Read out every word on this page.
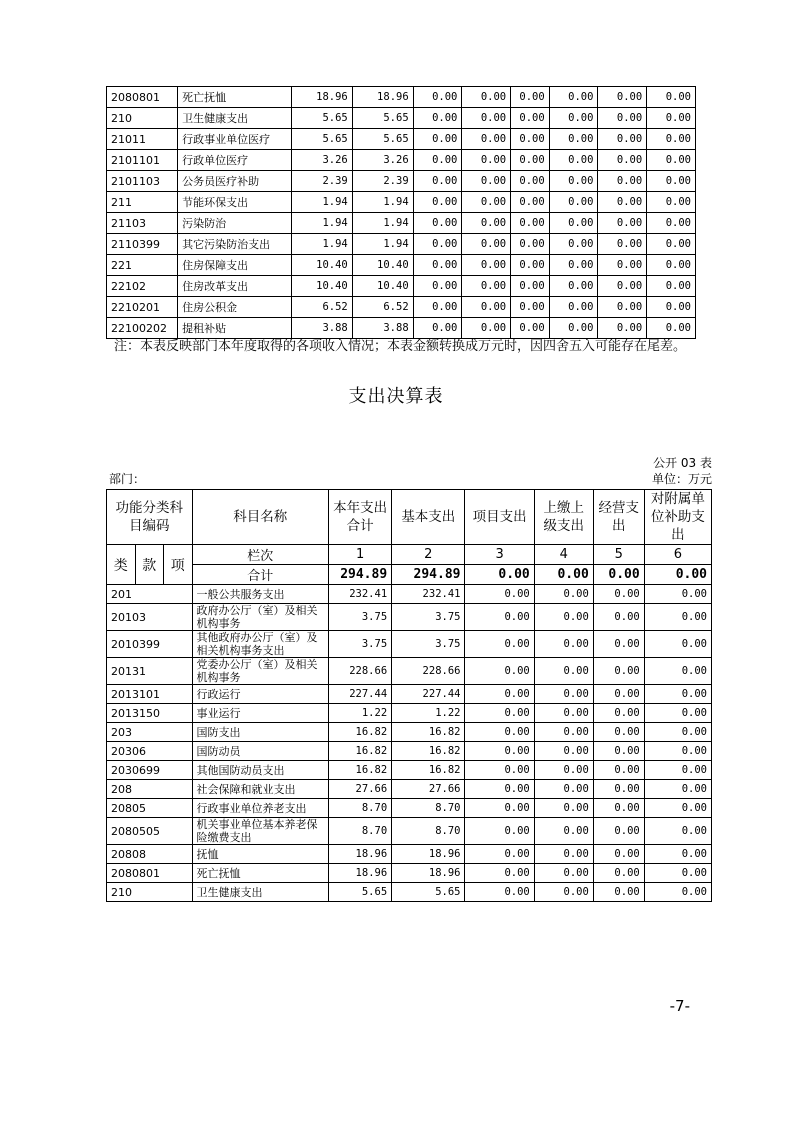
2080801	死亡抚恤	18.96	18.96	0.00	0.00	0.00	0.00	0.00	0.00
210	卫生健康支出	5.65	5.65	0.00	0.00	0.00	0.00	0.00	0.00
21011	行政事业单位医疗	5.65	5.65	0.00	0.00	0.00	0.00	0.00	0.00
2101101	行政单位医疗	3.26	3.26	0.00	0.00	0.00	0.00	0.00	0.00
2101103	公务员医疗补助	2.39	2.39	0.00	0.00	0.00	0.00	0.00	0.00
211	节能环保支出	1.94	1.94	0.00	0.00	0.00	0.00	0.00	0.00
21103	污染防治	1.94	1.94	0.00	0.00	0.00	0.00	0.00	0.00
2110399	其它污染防治支出	1.94	1.94	0.00	0.00	0.00	0.00	0.00	0.00
221	住房保障支出	10.40	10.40	0.00	0.00	0.00	0.00	0.00	0.00
22102	住房改革支出	10.40	10.40	0.00	0.00	0.00	0.00	0.00	0.00
2210201	住房公积金	6.52	6.52	0.00	0.00	0.00	0.00	0.00	0.00
22100202	提租补贴	3.88	3.88	0.00	0.00	0.00	0.00	0.00	0.00
注：本表反映部门本年度取得的各项收入情况；本表金额转换成万元时，因四舍五入可能存在尾差。
支出决算表
公开 03 表
部门：	单位：万元
功能分类科目编码			科目名称	本年支出合计	基本支出	项目支出	上缴上级支出	经营支出	对附属单位补助支出
类	款	项	栏次	1	2	3	4	5	6
			合计	294.89	294.89	0.00	0.00	0.00	0.00
201			一般公共服务支出	232.41	232.41	0.00	0.00	0.00	0.00
20103			政府办公厅（室）及相关机构事务	3.75	3.75	0.00	0.00	0.00	0.00
2010399			其他政府办公厅（室）及相关机构事务支出	3.75	3.75	0.00	0.00	0.00	0.00
20131			党委办公厅（室）及相关机构事务	228.66	228.66	0.00	0.00	0.00	0.00
2013101			行政运行	227.44	227.44	0.00	0.00	0.00	0.00
2013150			事业运行	1.22	1.22	0.00	0.00	0.00	0.00
203			国防支出	16.82	16.82	0.00	0.00	0.00	0.00
20306			国防动员	16.82	16.82	0.00	0.00	0.00	0.00
2030699			其他国防动员支出	16.82	16.82	0.00	0.00	0.00	0.00
208			社会保障和就业支出	27.66	27.66	0.00	0.00	0.00	0.00
20805			行政事业单位养老支出	8.70	8.70	0.00	0.00	0.00	0.00
2080505			机关事业单位基本养老保险缴费支出	8.70	8.70	0.00	0.00	0.00	0.00
20808			抚恤	18.96	18.96	0.00	0.00	0.00	0.00
2080801			死亡抚恤	18.96	18.96	0.00	0.00	0.00	0.00
210			卫生健康支出	5.65	5.65	0.00	0.00	0.00	0.00
-7-
